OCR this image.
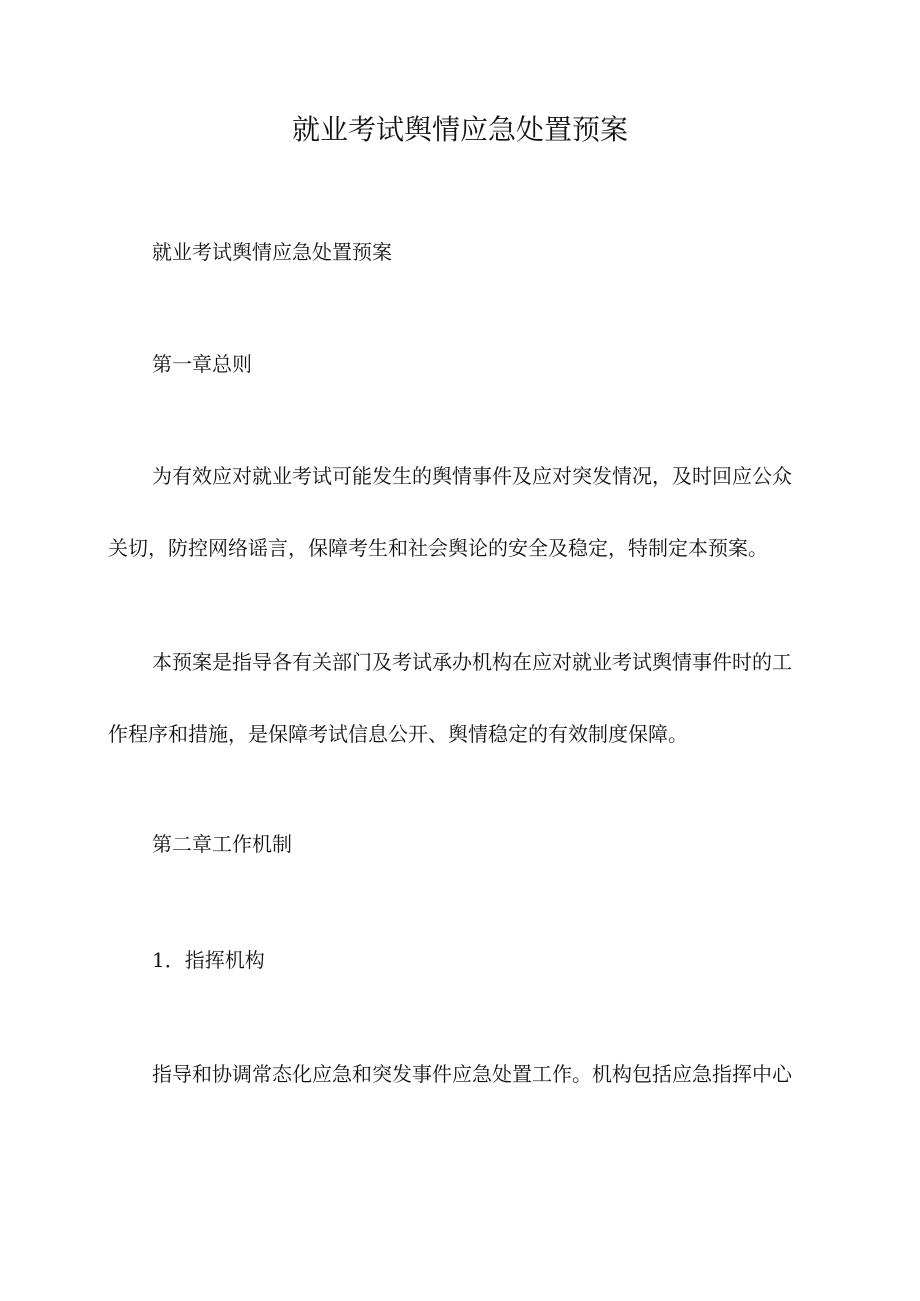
就业考试舆情应急处置预案
就业考试舆情应急处置预案
第一章总则
为有效应对就业考试可能发生的舆情事件及应对突发情况，及时回应公众
关切，防控网络谣言，保障考生和社会舆论的安全及稳定，特制定本预案。
本预案是指导各有关部门及考试承办机构在应对就业考试舆情事件时的工
作程序和措施，是保障考试信息公开、舆情稳定的有效制度保障。
第二章工作机制
1．指挥机构
指导和协调常态化应急和突发事件应急处置工作。机构包括应急指挥中心
